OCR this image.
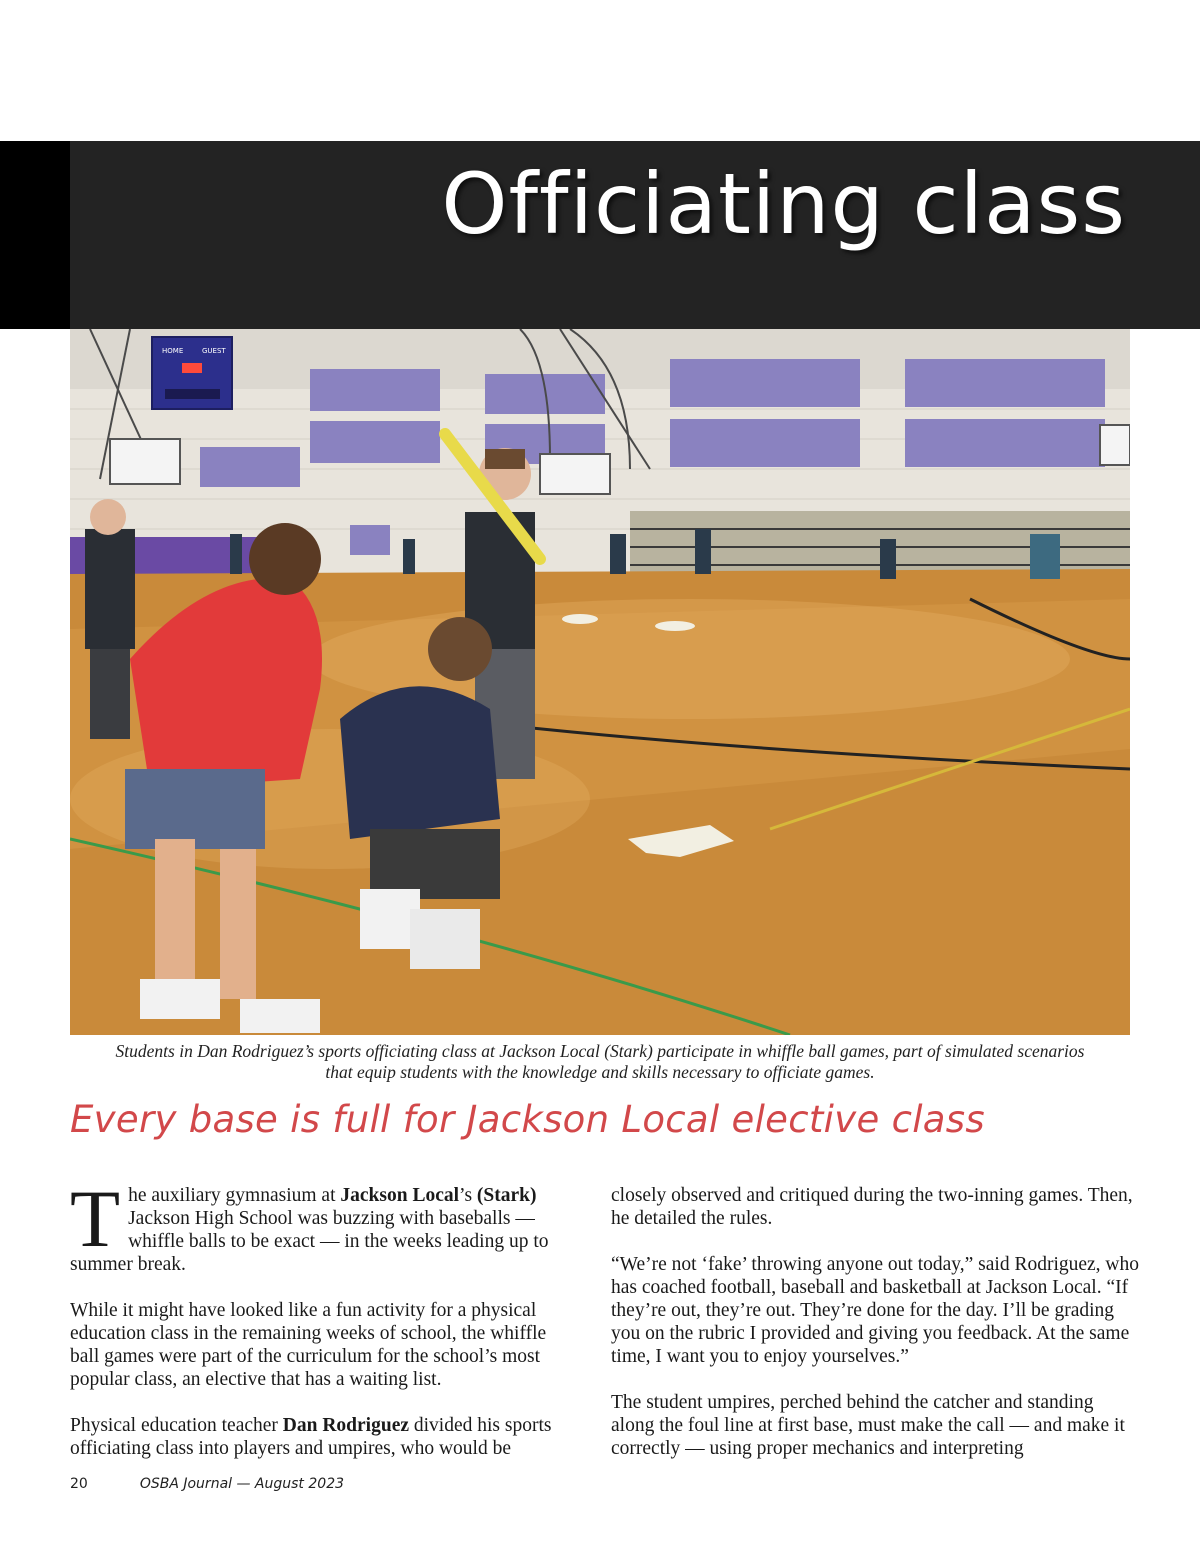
Officiating class
HOME	GUEST
Students in Dan Rodriguez’s sports officiating class at Jackson Local (Stark) participate in whiffle ball games, part of simulated scenarios
that equip students with the knowledge and skills necessary to officiate games.
Every base is full for Jackson Local elective class

The auxiliary gymnasium at Jackson Local’s (Stark) Jackson High School was buzzing with baseballs — whiffle balls to be exact — in the weeks leading up to summer break.

While it might have looked like a fun activity for a physical education class in the remaining weeks of school, the whiffle ball games were part of the curriculum for the school’s most popular class, an elective that has a waiting list.

Physical education teacher Dan Rodriguez divided his sports officiating class into players and umpires, who would be

closely observed and critiqued during the two-inning games. Then, he detailed the rules.

“We’re not ‘fake’ throwing anyone out today,” said Rodriguez, who has coached football, baseball and basketball at Jackson Local. “If they’re out, they’re out. They’re done for the day. I’ll be grading you on the rubric I provided and giving you feedback. At the same time, I want you to enjoy yourselves.”

The student umpires, perched behind the catcher and standing along the foul line at first base, must make the call — and make it correctly — using proper mechanics and interpreting

20	OSBA Journal — August 2023
